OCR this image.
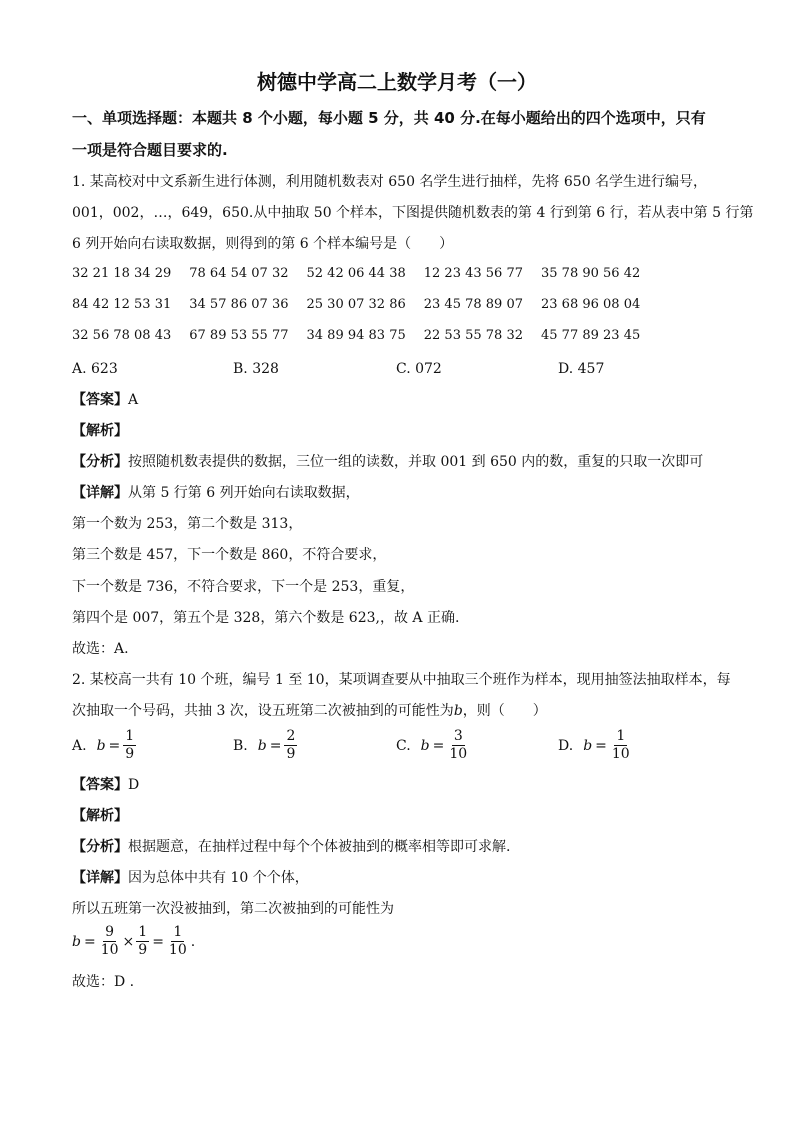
树德中学高二上数学月考（一）
一、单项选择题：本题共 8 个小题，每小题 5 分，共 40 分.在每小题给出的四个选项中，只有
一项是符合题目要求的.
1. 某高校对中文系新生进行体测，利用随机数表对 650 名学生进行抽样，先将 650 名学生进行编号，
001，002，…，649，650.从中抽取 50 个样本，下图提供随机数表的第 4 行到第 6 行，若从表中第 5 行第
6 列开始向右读取数据，则得到的第 6 个样本编号是（　　）
32 21 18 34 29 78 64 54 07 32 52 42 06 44 38 12 23 43 56 77 35 78 90 56 42
84 42 12 53 31 34 57 86 07 36 25 30 07 32 86 23 45 78 89 07 23 68 96 08 04
32 56 78 08 43 67 89 53 55 77 34 89 94 83 75 22 53 55 78 32 45 77 89 23 45
A. 623	B. 328	C. 072	D. 457
【答案】A
【解析】
【分析】按照随机数表提供的数据，三位一组的读数，并取 001 到 650 内的数，重复的只取一次即可
【详解】从第 5 行第 6 列开始向右读取数据，
第一个数为 253，第二个数是 313，
第三个数是 457，下一个数是 860，不符合要求，
下一个数是 736，不符合要求，下一个是 253，重复，
第四个是 007，第五个是 328，第六个数是 623,，故 A 正确.
故选：A.
2. 某校高一共有 10 个班，编号 1 至 10，某项调查要从中抽取三个班作为样本，现用抽签法抽取样本，每
次抽取一个号码，共抽 3 次，设五班第二次被抽到的可能性为b，则（　　）
A. $b = \frac{1}{9}$	B. $b = \frac{2}{9}$	C. $b = \frac{3}{10}$	D. $b = \frac{1}{10}$
【答案】D
【解析】
【分析】根据题意，在抽样过程中每个个体被抽到的概率相等即可求解.
【详解】因为总体中共有 10 个个体，
所以五班第一次没被抽到，第二次被抽到的可能性为
$b = \frac{9}{10} \times \frac{1}{9} = \frac{1}{10}$ .
故选：D .
